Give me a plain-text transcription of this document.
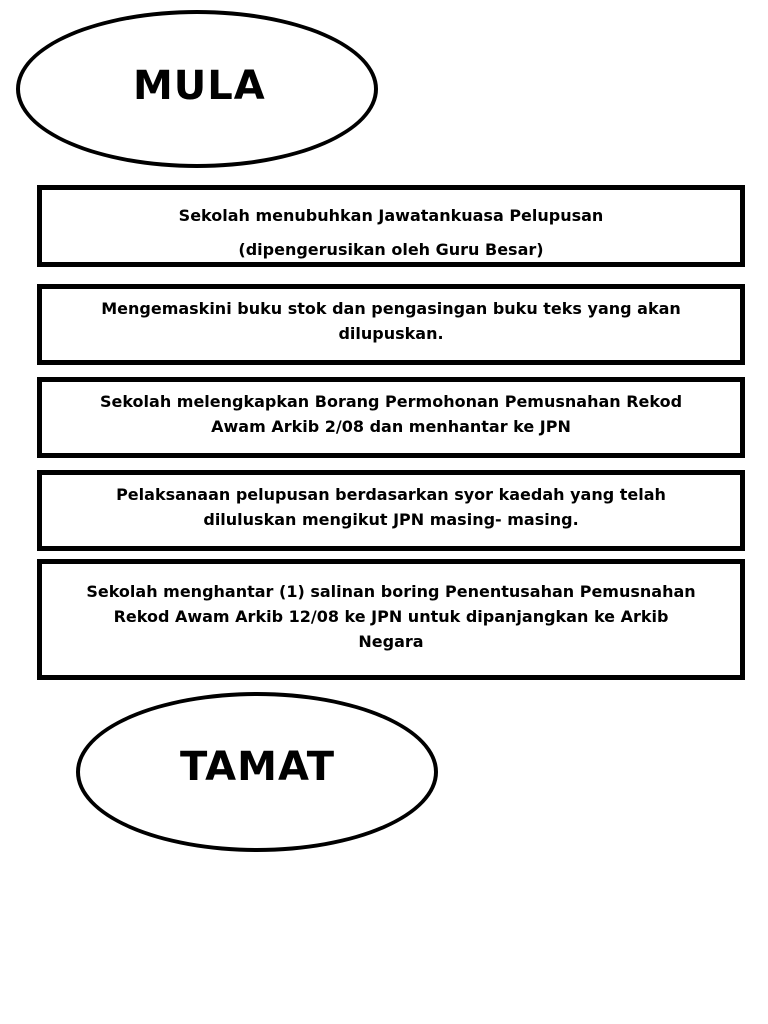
MULA

Sekolah menubuhkan Jawatankuasa Pelupusan

(dipengerusikan oleh Guru Besar)

Mengemaskini buku stok dan pengasingan buku teks yang akan

dilupuskan.

Sekolah melengkapkan Borang Permohonan Pemusnahan Rekod

Awam Arkib 2/08 dan menhantar ke JPN

Pelaksanaan pelupusan berdasarkan syor kaedah yang telah

diluluskan mengikut JPN masing- masing.

Sekolah menghantar (1) salinan boring Penentusahan Pemusnahan

Rekod Awam Arkib 12/08 ke JPN untuk dipanjangkan ke Arkib

Negara

TAMAT
